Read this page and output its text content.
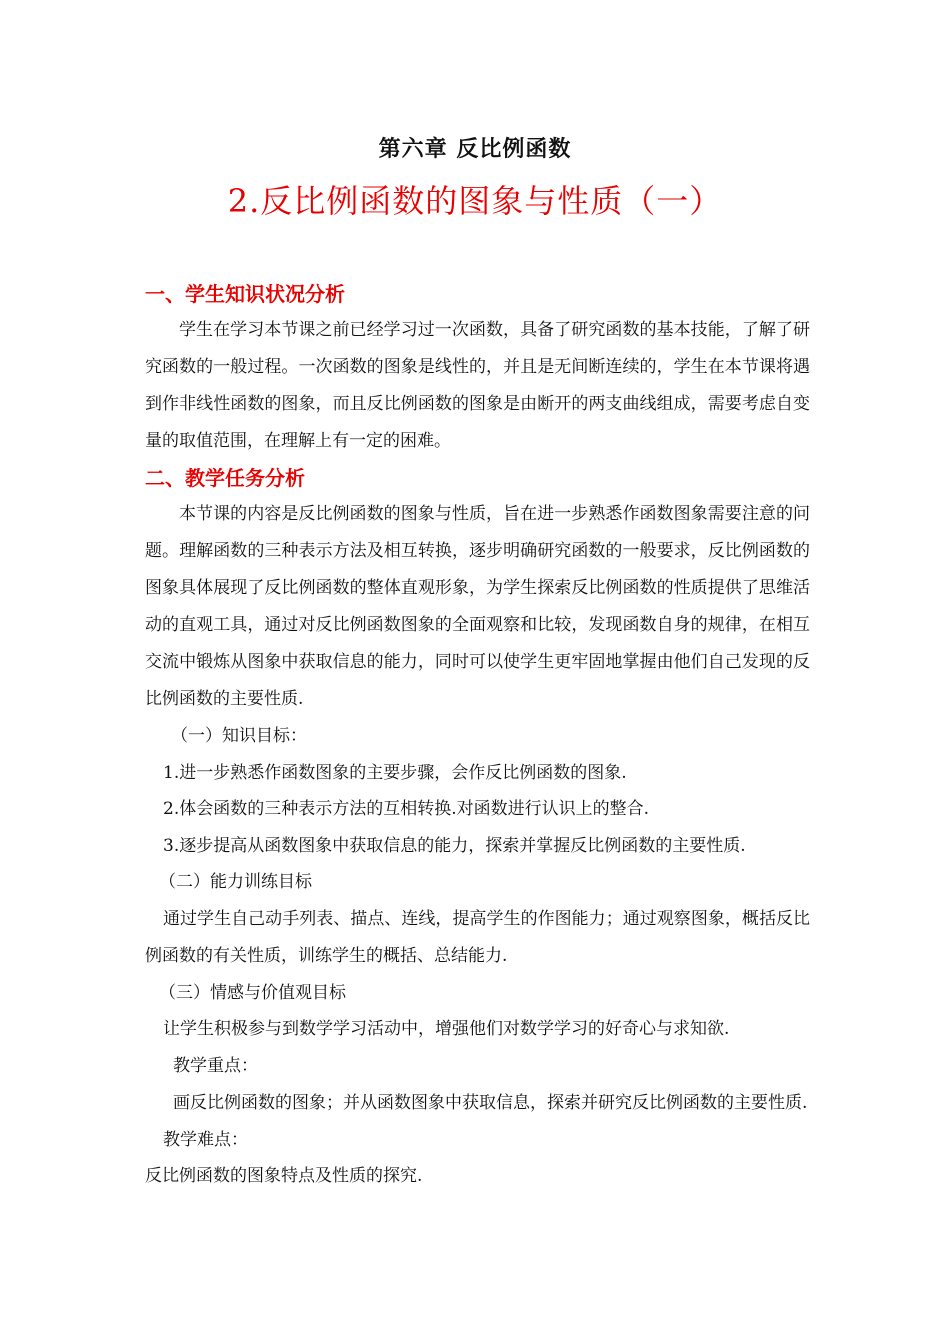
第六章 反比例函数
2.反比例函数的图象与性质（一）
一、学生知识状况分析

学生在学习本节课之前已经学习过一次函数，具备了研究函数的基本技能，了解了研究函数的一般过程。一次函数的图象是线性的，并且是无间断连续的，学生在本节课将遇到作非线性函数的图象，而且反比例函数的图象是由断开的两支曲线组成，需要考虑自变量的取值范围，在理解上有一定的困难。

二、教学任务分析

本节课的内容是反比例函数的图象与性质，旨在进一步熟悉作函数图象需要注意的问题。理解函数的三种表示方法及相互转换，逐步明确研究函数的一般要求，反比例函数的图象具体展现了反比例函数的整体直观形象，为学生探索反比例函数的性质提供了思维活动的直观工具，通过对反比例函数图象的全面观察和比较，发现函数自身的规律，在相互交流中锻炼从图象中获取信息的能力，同时可以使学生更牢固地掌握由他们自己发现的反比例函数的主要性质.

（一）知识目标：
1.进一步熟悉作函数图象的主要步骤，会作反比例函数的图象.
2.体会函数的三种表示方法的互相转换.对函数进行认识上的整合.
3.逐步提高从函数图象中获取信息的能力，探索并掌握反比例函数的主要性质.
（二）能力训练目标

通过学生自己动手列表、描点、连线，提高学生的作图能力；通过观察图象，概括反比例函数的有关性质，训练学生的概括、总结能力.

（三）情感与价值观目标

让学生积极参与到数学学习活动中，增强他们对数学学习的好奇心与求知欲.

教学重点：

画反比例函数的图象；并从函数图象中获取信息，探索并研究反比例函数的主要性质.

教学难点：
反比例函数的图象特点及性质的探究.
